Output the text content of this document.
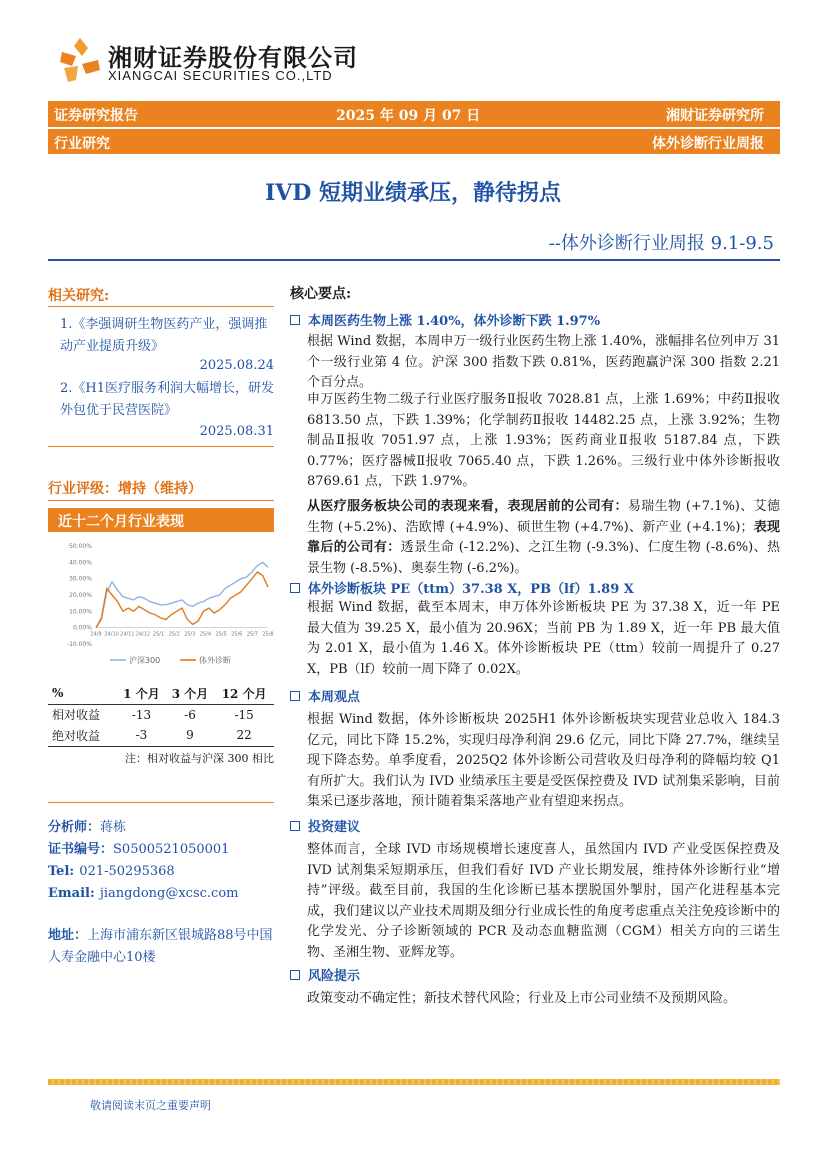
湘财证券股份有限公司
XIANGCAI SECURITIES CO.,LTD
证券研究报告	2025 年 09 月 07 日	湘财证券研究所
行业研究	体外诊断行业周报
IVD 短期业绩承压，静待拐点
--体外诊断行业周报 9.1-9.5
相关研究:
1.《李强调研生物医药产业，强调推动产业提质升级》
2025.08.24
2.《H1医疗服务利润大幅增长，研发外包优于民营医院》
2025.08.31
行业评级：增持（维持）
近十二个月行业表现
50.00%
40.00%
30.00%
20.00%
10.00%
0.00%
-10.00%
24/9 24/10 24/11 24/12 25/1 25/2 25/3 25/4 25/5 25/6 25/7 25/8
沪深300	体外诊断
%	1 个月	3 个月	12 个月
相对收益	-13	-6	-15
绝对收益	-3	9	22
注：相对收益与沪深 300 相比
分析师：蒋栋
证书编号：S0500521050001
Tel: 021-50295368
Email: jiangdong@xcsc.com
地址：上海市浦东新区银城路88号中国人寿金融中心10楼
核心要点:
本周医药生物上涨 1.40%，体外诊断下跌 1.97%
根据 Wind 数据，本周申万一级行业医药生物上涨 1.40%，涨幅排名位列申万 31 个一级行业第 4 位。沪深 300 指数下跌 0.81%，医药跑赢沪深 300 指数 2.21 个百分点。
申万医药生物二级子行业医疗服务Ⅱ报收 7028.81 点，上涨 1.69%；中药Ⅱ报收 6813.50 点，下跌 1.39%；化学制药Ⅱ报收 14482.25 点，上涨 3.92%；生物制品Ⅱ报收 7051.97 点，上涨 1.93%；医药商业Ⅱ报收 5187.84 点，下跌 0.77%；医疗器械Ⅱ报收 7065.40 点，下跌 1.26%。三级行业中体外诊断报收 8769.61 点，下跌 1.97%。
从医疗服务板块公司的表现来看，表现居前的公司有：易瑞生物 (+7.1%)、艾德生物 (+5.2%)、浩欧博 (+4.9%)、硕世生物 (+4.7%)、新产业 (+4.1%)；表现靠后的公司有：透景生命 (-12.2%)、之江生物 (-9.3%)、仁度生物 (-8.6%)、热景生物 (-8.5%)、奥泰生物 (-6.2%)。
体外诊断板块 PE（ttm）37.38 X，PB（lf）1.89 X
根据 Wind 数据，截至本周末，申万体外诊断板块 PE 为 37.38 X，近一年 PE 最大值为 39.25 X，最小值为 20.96X；当前 PB 为 1.89 X，近一年 PB 最大值为 2.01 X，最小值为 1.46 X。体外诊断板块 PE（ttm）较前一周提升了 0.27 X，PB（lf）较前一周下降了 0.02X。
本周观点
根据 Wind 数据，体外诊断板块 2025H1 体外诊断板块实现营业总收入 184.3 亿元，同比下降 15.2%，实现归母净利润 29.6 亿元，同比下降 27.7%，继续呈现下降态势。单季度看，2025Q2 体外诊断公司营收及归母净利的降幅均较 Q1 有所扩大。我们认为 IVD 业绩承压主要是受医保控费及 IVD 试剂集采影响，目前集采已逐步落地，预计随着集采落地产业有望迎来拐点。
投资建议
整体而言，全球 IVD 市场规模增长速度喜人，虽然国内 IVD 产业受医保控费及 IVD 试剂集采短期承压，但我们看好 IVD 产业长期发展，维持体外诊断行业“增持”评级。截至目前，我国的生化诊断已基本摆脱国外掣肘，国产化进程基本完成，我们建议以产业技术周期及细分行业成长性的角度考虑重点关注免疫诊断中的化学发光、分子诊断领域的 PCR 及动态血糖监测（CGM）相关方向的三诺生物、圣湘生物、亚辉龙等。
风险提示
政策变动不确定性；新技术替代风险；行业及上市公司业绩不及预期风险。
敬请阅读末页之重要声明
